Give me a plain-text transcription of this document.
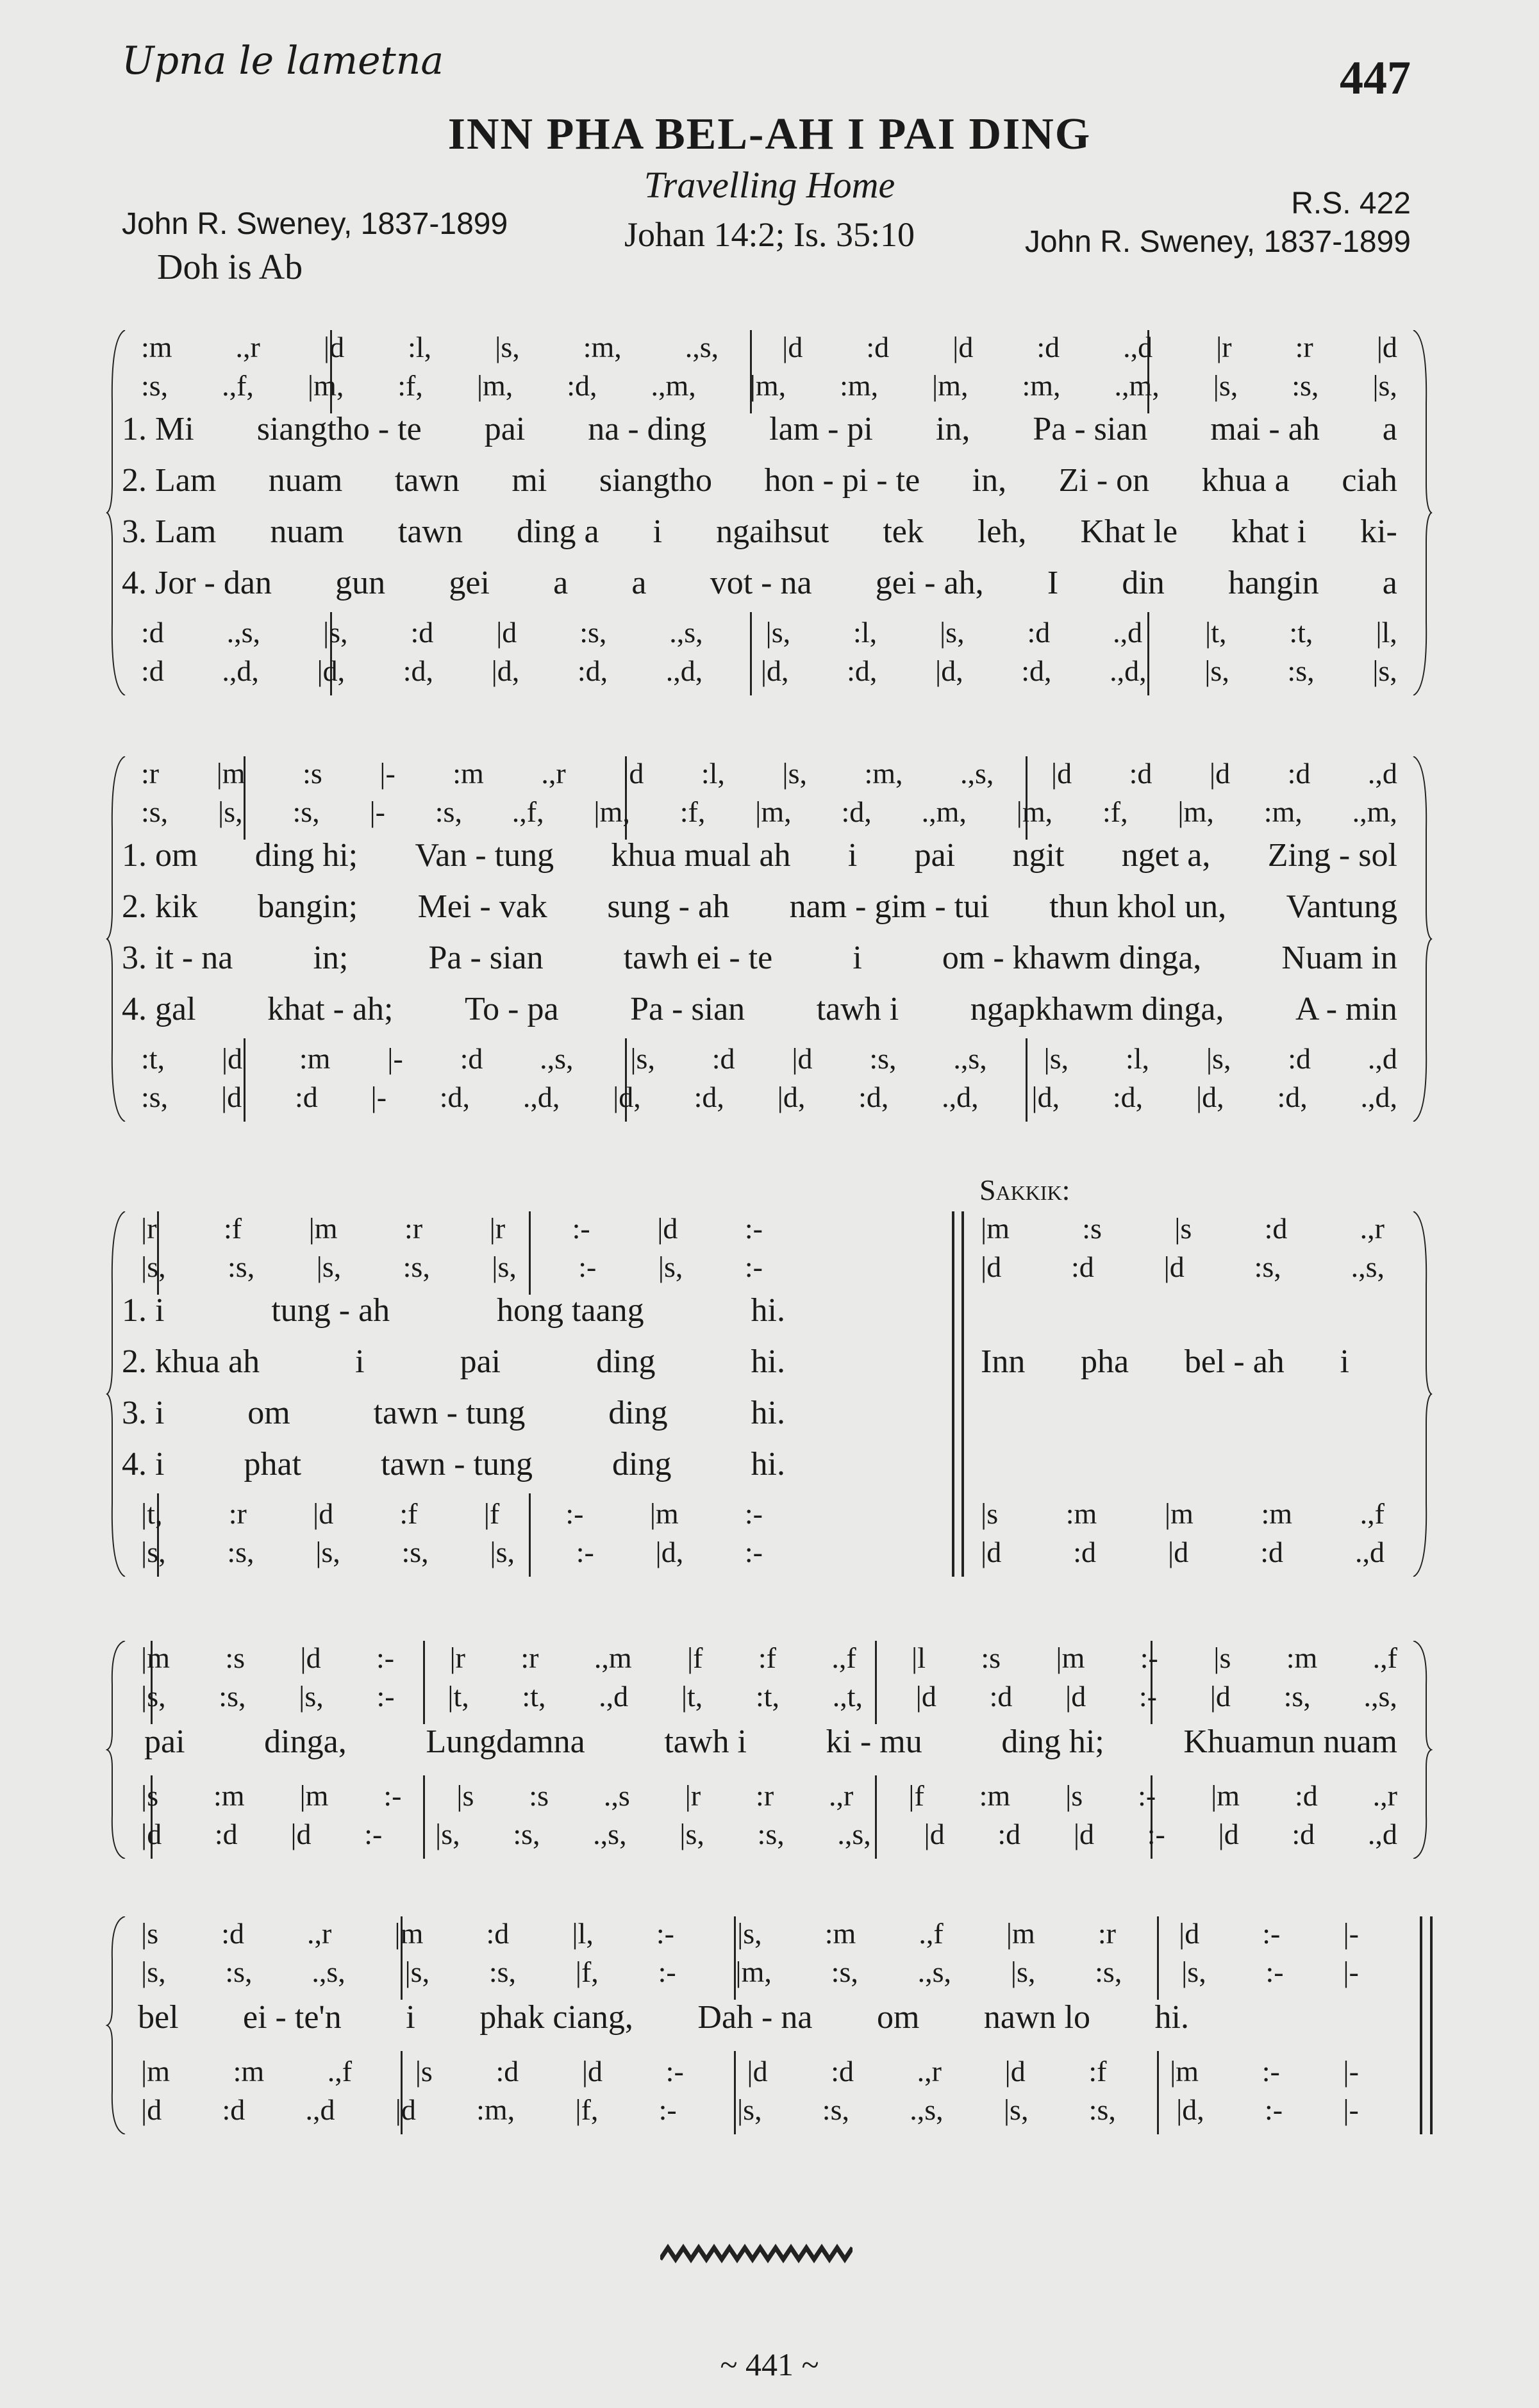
Upna le lametna	447
INN PHA BEL-AH I PAI DING
Travelling Home
John R. Sweney, 1837-1899	Johan 14:2; Is. 35:10
R.S. 422
John R. Sweney, 1837-1899
Doh is Ab
:m .,r |d :l, |s, :m, .,s, |d :d |d :d .,d |r :r |d
:s, .,f, |m, :f, |m, :d, .,m, |m, :m, |m, :m, .,m, |s, :s, |s,
1. Mi siangtho - te pai na - ding lam - pi in, Pa - sian mai - ah a
2. Lam nuam tawn mi siangtho hon - pi - te in, Zi - on khua a ciah
3. Lam nuam tawn ding a i ngaihsut tek leh, Khat le khat i ki-
4. Jor - dan gun gei a a vot - na gei - ah, I din hangin a
:d .,s, |s, :d |d :s, .,s, |s, :l, |s, :d .,d |t, :t, |l,
:d .,d, |d, :d, |d, :d, .,d, |d, :d, |d, :d, .,d, |s, :s, |s,
:r |m :s |- :m .,r |d :l, |s, :m, .,s, |d :d |d :d .,d
:s, |s, :s, |- :s, .,f, |m, :f, |m, :d, .,m, |m, :f, |m, :m, .,m,
1. om ding hi; Van - tung khua mual ah i pai ngit nget a, Zing - sol
2. kik bangin; Mei - vak sung - ah nam - gim - tui thun khol un, Vantung
3. it - na in; Pa - sian tawh ei - te i om - khawm dinga, Nuam in
4. gal khat - ah; To - pa Pa - sian tawh i ngapkhawm dinga, A - min
:t, |d :m |- :d .,s, |s, :d |d :s, .,s, |s, :l, |s, :d .,d
:s, |d :d |- :d, .,d, |d, :d, |d, :d, .,d, |d, :d, |d, :d, .,d,
Sakkik:
|r :f |m :r |r :- |d :-
|s, :s, |s, :s, |s, :- |s, :-
1. i	tung - ah	hong taang	hi.
2. khua ah	i	pai	ding	hi.
3. i om tawn - tung ding hi.
4. i phat tawn - tung ding hi.
|t, :r |d :f |f :- |m :-
|s, :s, |s, :s, |s, :- |d, :-
|m :s |s :d .,r
|d :d |d :s, .,s,
Inn pha bel - ah i
|s :m |m :m .,f
|d :d |d :d .,d
|m :s |d :- |r :r .,m |f :f .,f |l :s |m :- |s :m .,f
|s, :s, |s, :- |t, :t, .,d |t, :t, .,t, |d :d |d :- |d :s, .,s,
pai dinga, Lungdamna tawh i ki - mu ding hi; Khuamun nuam
|s :m |m :- |s :s .,s |r :r .,r |f :m |s :- |m :d .,r
|d :d |d :- |s, :s, .,s, |s, :s, .,s, |d :d |d :- |d :d .,d
|s :d .,r |m :d |l, :- |s, :m .,f |m :r |d :- |-
|s, :s, .,s, |s, :s, |f, :- |m, :s, .,s, |s, :s, |s, :- |-
bel ei - te'n i phak ciang, Dah - na om nawn lo hi.
|m :m .,f |s :d |d :- |d :d .,r |d :f |m :- |-
|d :d .,d |d :m, |f, :- |s, :s, .,s, |s, :s, |d, :- |-
~ 441 ~
